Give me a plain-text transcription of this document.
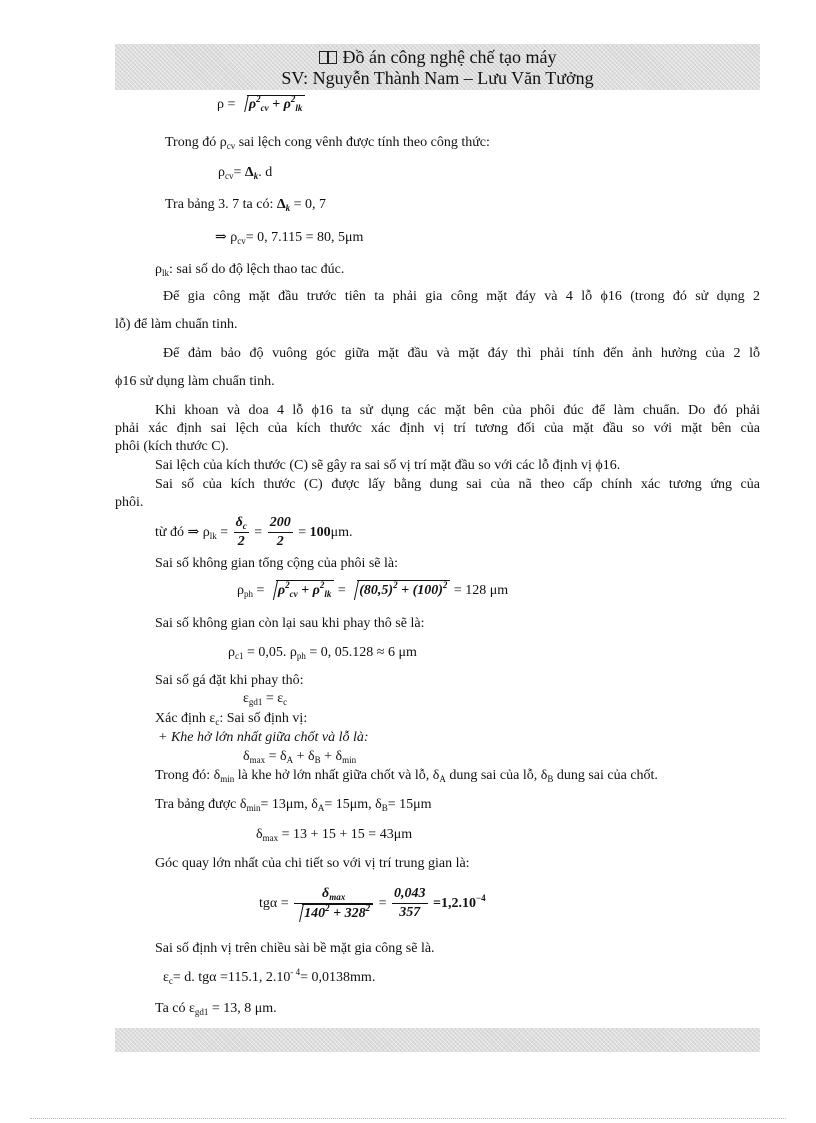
Đồ án công nghệ chế tạo máy
SV: Nguyễn Thành Nam – Lưu Văn Tưởng
$\rho = \rho^2_{cv} + \rho^2_{lk}$
Trong đó $\rho_{cv}$ sai lệch cong vênh được tính theo công thức:
$\rho_{cv}= \Delta_k$. d
Tra bảng 3. 7 ta có: $\Delta_k = 0$, 7
⇒ $\rho_{cv}= 0$, 7.115 = 80, 5μm
$\rho_{lk}$: sai số do độ lệch thao tac đúc.
Để gia công mặt đầu trước tiên ta phải gia công mặt đáy và 4 lỗ ϕ16 (trong đó sử dụng 2
lỗ) để làm chuẩn tinh.
Để đảm bảo độ vuông góc giữa mặt đầu và mặt đáy thì phải tính đến ảnh hưởng của 2 lỗ
ϕ16 sử dụng làm chuẩn tinh.
Khi khoan và doa 4 lỗ ϕ16 ta sử dụng các mặt bên của phôi đúc để làm chuẩn. Do đó phải
phải xác định sai lệch của kích thước xác định vị trí tương đối của mặt đầu so với mặt bên của
phôi (kích thước C).
Sai lệch của kích thước (C) sẽ gây ra sai số vị trí mặt đầu so với các lỗ định vị ϕ16.
Sai số của kích thước (C) được lấy bằng dung sai của nã theo cấp chính xác tương ứng của
phôi.
từ đó ⇒ $\rho_{lk} = \frac{\delta_c}{2} = \frac{200}{2} = 100\mu m$.
Sai số không gian tổng cộng của phôi sẽ là:
$\rho_{ph} = \rho^2_{cv} + \rho^2_{lk} = (80,5)^2 + (100)^2 = 128$ μm
Sai số không gian còn lại sau khi phay thô sẽ là:
$\rho_{c1} = 0,05$. $\rho_{ph} = 0$, 05.128 ≈ 6 μm
Sai số gá đặt khi phay thô:
$\varepsilon_{gd1} = \varepsilon_c$
Xác định $\varepsilon_c$: Sai số định vị:
+ Khe hở lớn nhất giữa chốt và lỗ là:
$\delta_{max} = \delta_A + \delta_B + \delta_{min}$
Trong đó: $\delta_{min}$ là khe hở lớn nhất giữa chốt và lỗ, $\delta_A$ dung sai của lỗ, $\delta_B$ dung sai của chốt.
Tra bảng được $\delta_{min}= 13\mu m$, $\delta_A= 15\mu m$, $\delta_B= 15\mu m$
$\delta_{max} = 13 + 15 + 15 = 43\mu m$
Góc quay lớn nhất của chi tiết so với vị trí trung gian là:
tgα =
$\delta_{max}$
$140^2 + 328^2 = \frac{0,043}{357} =1,2.10^{-4}$
Sai số định vị trên chiều sài bề mặt gia công sẽ là.
$\varepsilon_c= d$. tgα =115.1, $2.10^{- 4}= 0,0138mm$.
Ta có $\varepsilon_{gd1} = 13$, 8 μm.
